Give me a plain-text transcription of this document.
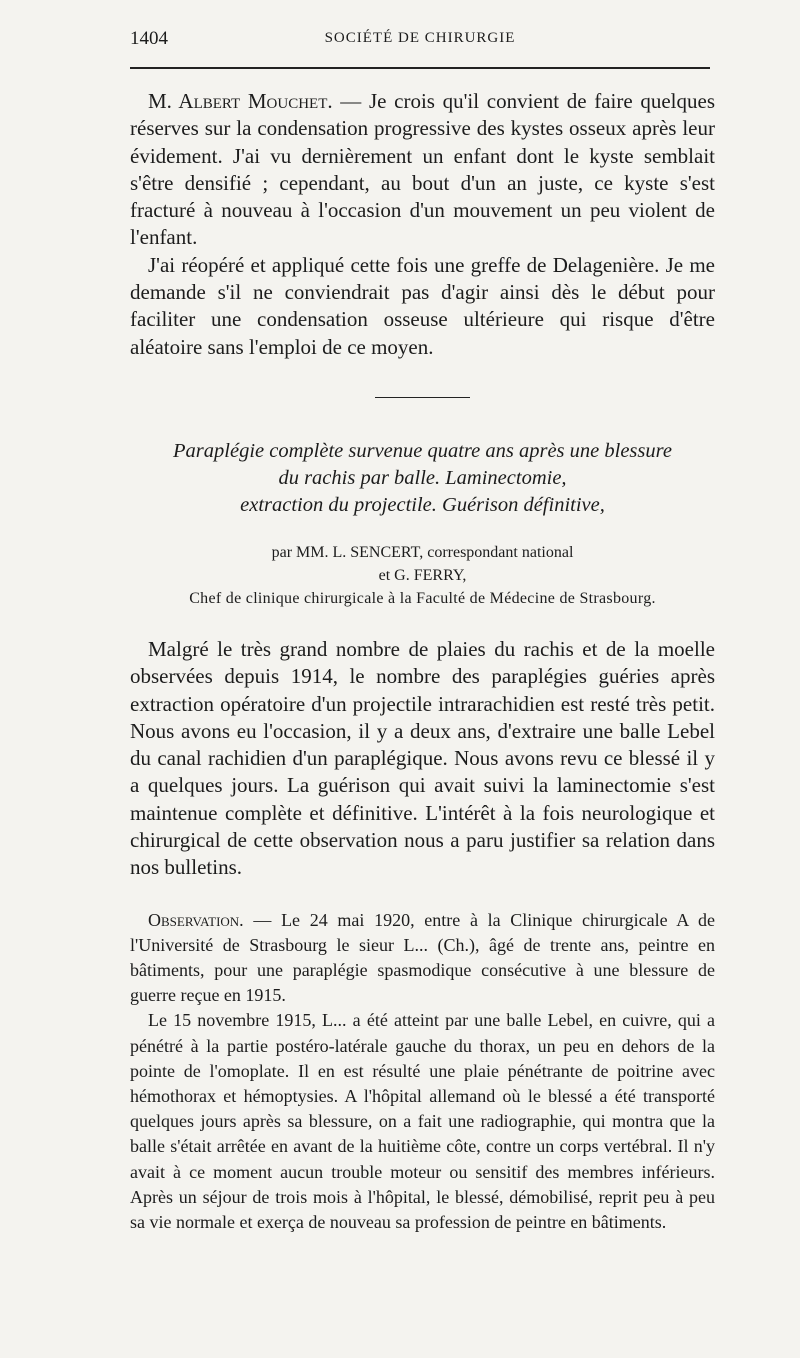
1404	SOCIÉTÉ DE CHIRURGIE

M. Albert Mouchet. — Je crois qu'il convient de faire quelques réserves sur la condensation progressive des kystes osseux après leur évidement. J'ai vu dernièrement un enfant dont le kyste semblait s'être densifié ; cependant, au bout d'un an juste, ce kyste s'est fracturé à nouveau à l'occasion d'un mouvement un peu violent de l'enfant.

J'ai réopéré et appliqué cette fois une greffe de Delagenière. Je me demande s'il ne conviendrait pas d'agir ainsi dès le début pour faciliter une condensation osseuse ultérieure qui risque d'être aléatoire sans l'emploi de ce moyen.

Paraplégie complète survenue quatre ans après une blessure
du rachis par balle. Laminectomie,
extraction du projectile. Guérison définitive,
par MM. L. SENCERT, correspondant national
et G. FERRY,
Chef de clinique chirurgicale à la Faculté de Médecine de Strasbourg.

Malgré le très grand nombre de plaies du rachis et de la moelle observées depuis 1914, le nombre des paraplégies guéries après extraction opératoire d'un projectile intrarachidien est resté très petit. Nous avons eu l'occasion, il y a deux ans, d'extraire une balle Lebel du canal rachidien d'un paraplégique. Nous avons revu ce blessé il y a quelques jours. La guérison qui avait suivi la laminectomie s'est maintenue complète et définitive. L'intérêt à la fois neurologique et chirurgical de cette observation nous a paru justifier sa relation dans nos bulletins.

Observation. — Le 24 mai 1920, entre à la Clinique chirurgicale A de l'Université de Strasbourg le sieur L... (Ch.), âgé de trente ans, peintre en bâtiments, pour une paraplégie spasmodique consécutive à une blessure de guerre reçue en 1915.

Le 15 novembre 1915, L... a été atteint par une balle Lebel, en cuivre, qui a pénétré à la partie postéro-latérale gauche du thorax, un peu en dehors de la pointe de l'omoplate. Il en est résulté une plaie pénétrante de poitrine avec hémothorax et hémoptysies. A l'hôpital allemand où le blessé a été transporté quelques jours après sa blessure, on a fait une radiographie, qui montra que la balle s'était arrêtée en avant de la huitième côte, contre un corps vertébral. Il n'y avait à ce moment aucun trouble moteur ou sensitif des membres inférieurs. Après un séjour de trois mois à l'hôpital, le blessé, démobilisé, reprit peu à peu sa vie normale et exerça de nouveau sa profession de peintre en bâtiments.
